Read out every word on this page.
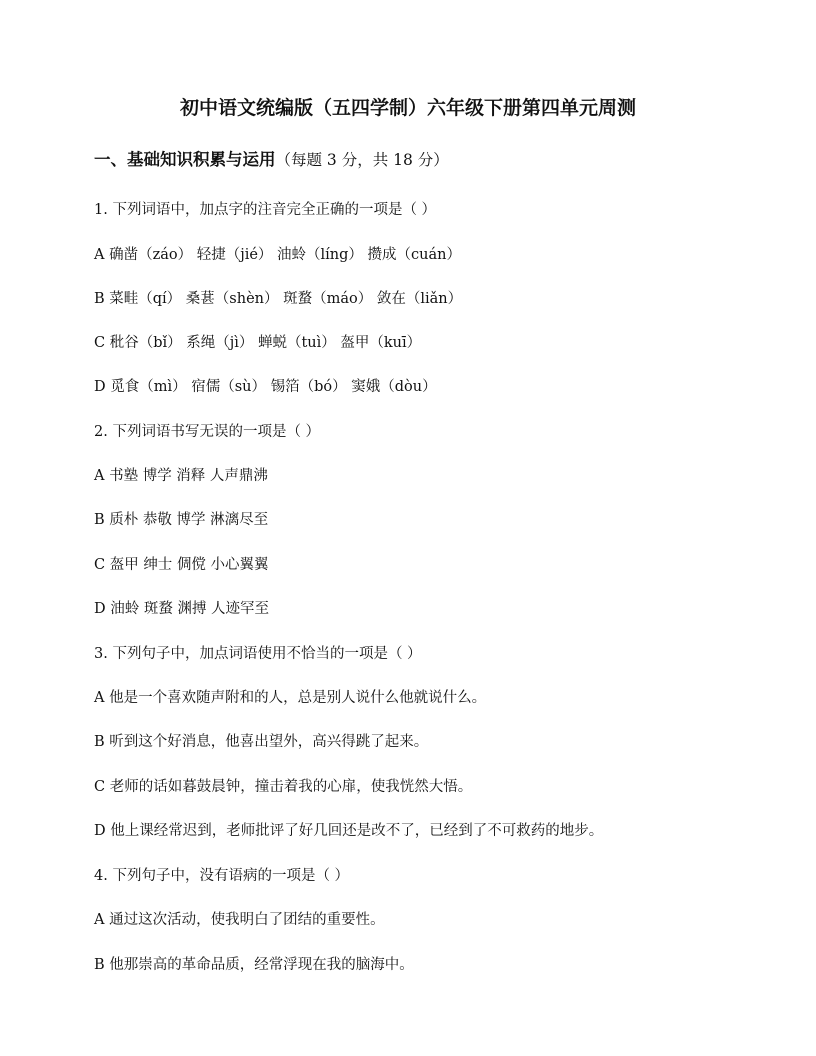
初中语文统编版（五四学制）六年级下册第四单元周测
一、基础知识积累与运用（每题 3 分，共 18 分）
1. 下列词语中，加点字的注音完全正确的一项是（ ）
A 确凿（záo） 轻捷（jié） 油蛉（líng） 攒成（cuán）
B 菜畦（qí） 桑葚（shèn） 斑蝥（máo） 敛在（liǎn）
C 秕谷（bǐ） 系绳（jì） 蝉蜕（tuì） 盔甲（kuī）
D 觅食（mì） 宿儒（sù） 锡箔（bó） 窦娥（dòu）
2. 下列词语书写无误的一项是（ ）
A 书塾 博学 消释 人声鼎沸
B 质朴 恭敬 博学 淋漓尽至
C 盔甲 绅士 倜傥 小心翼翼
D 油蛉 斑蝥 渊搏 人迹罕至
3. 下列句子中，加点词语使用不恰当的一项是（ ）
A 他是一个喜欢随声附和的人，总是别人说什么他就说什么。
B 听到这个好消息，他喜出望外，高兴得跳了起来。
C 老师的话如暮鼓晨钟，撞击着我的心扉，使我恍然大悟。
D 他上课经常迟到，老师批评了好几回还是改不了，已经到了不可救药的地步。
4. 下列句子中，没有语病的一项是（ ）
A 通过这次活动，使我明白了团结的重要性。
B 他那崇高的革命品质，经常浮现在我的脑海中。
